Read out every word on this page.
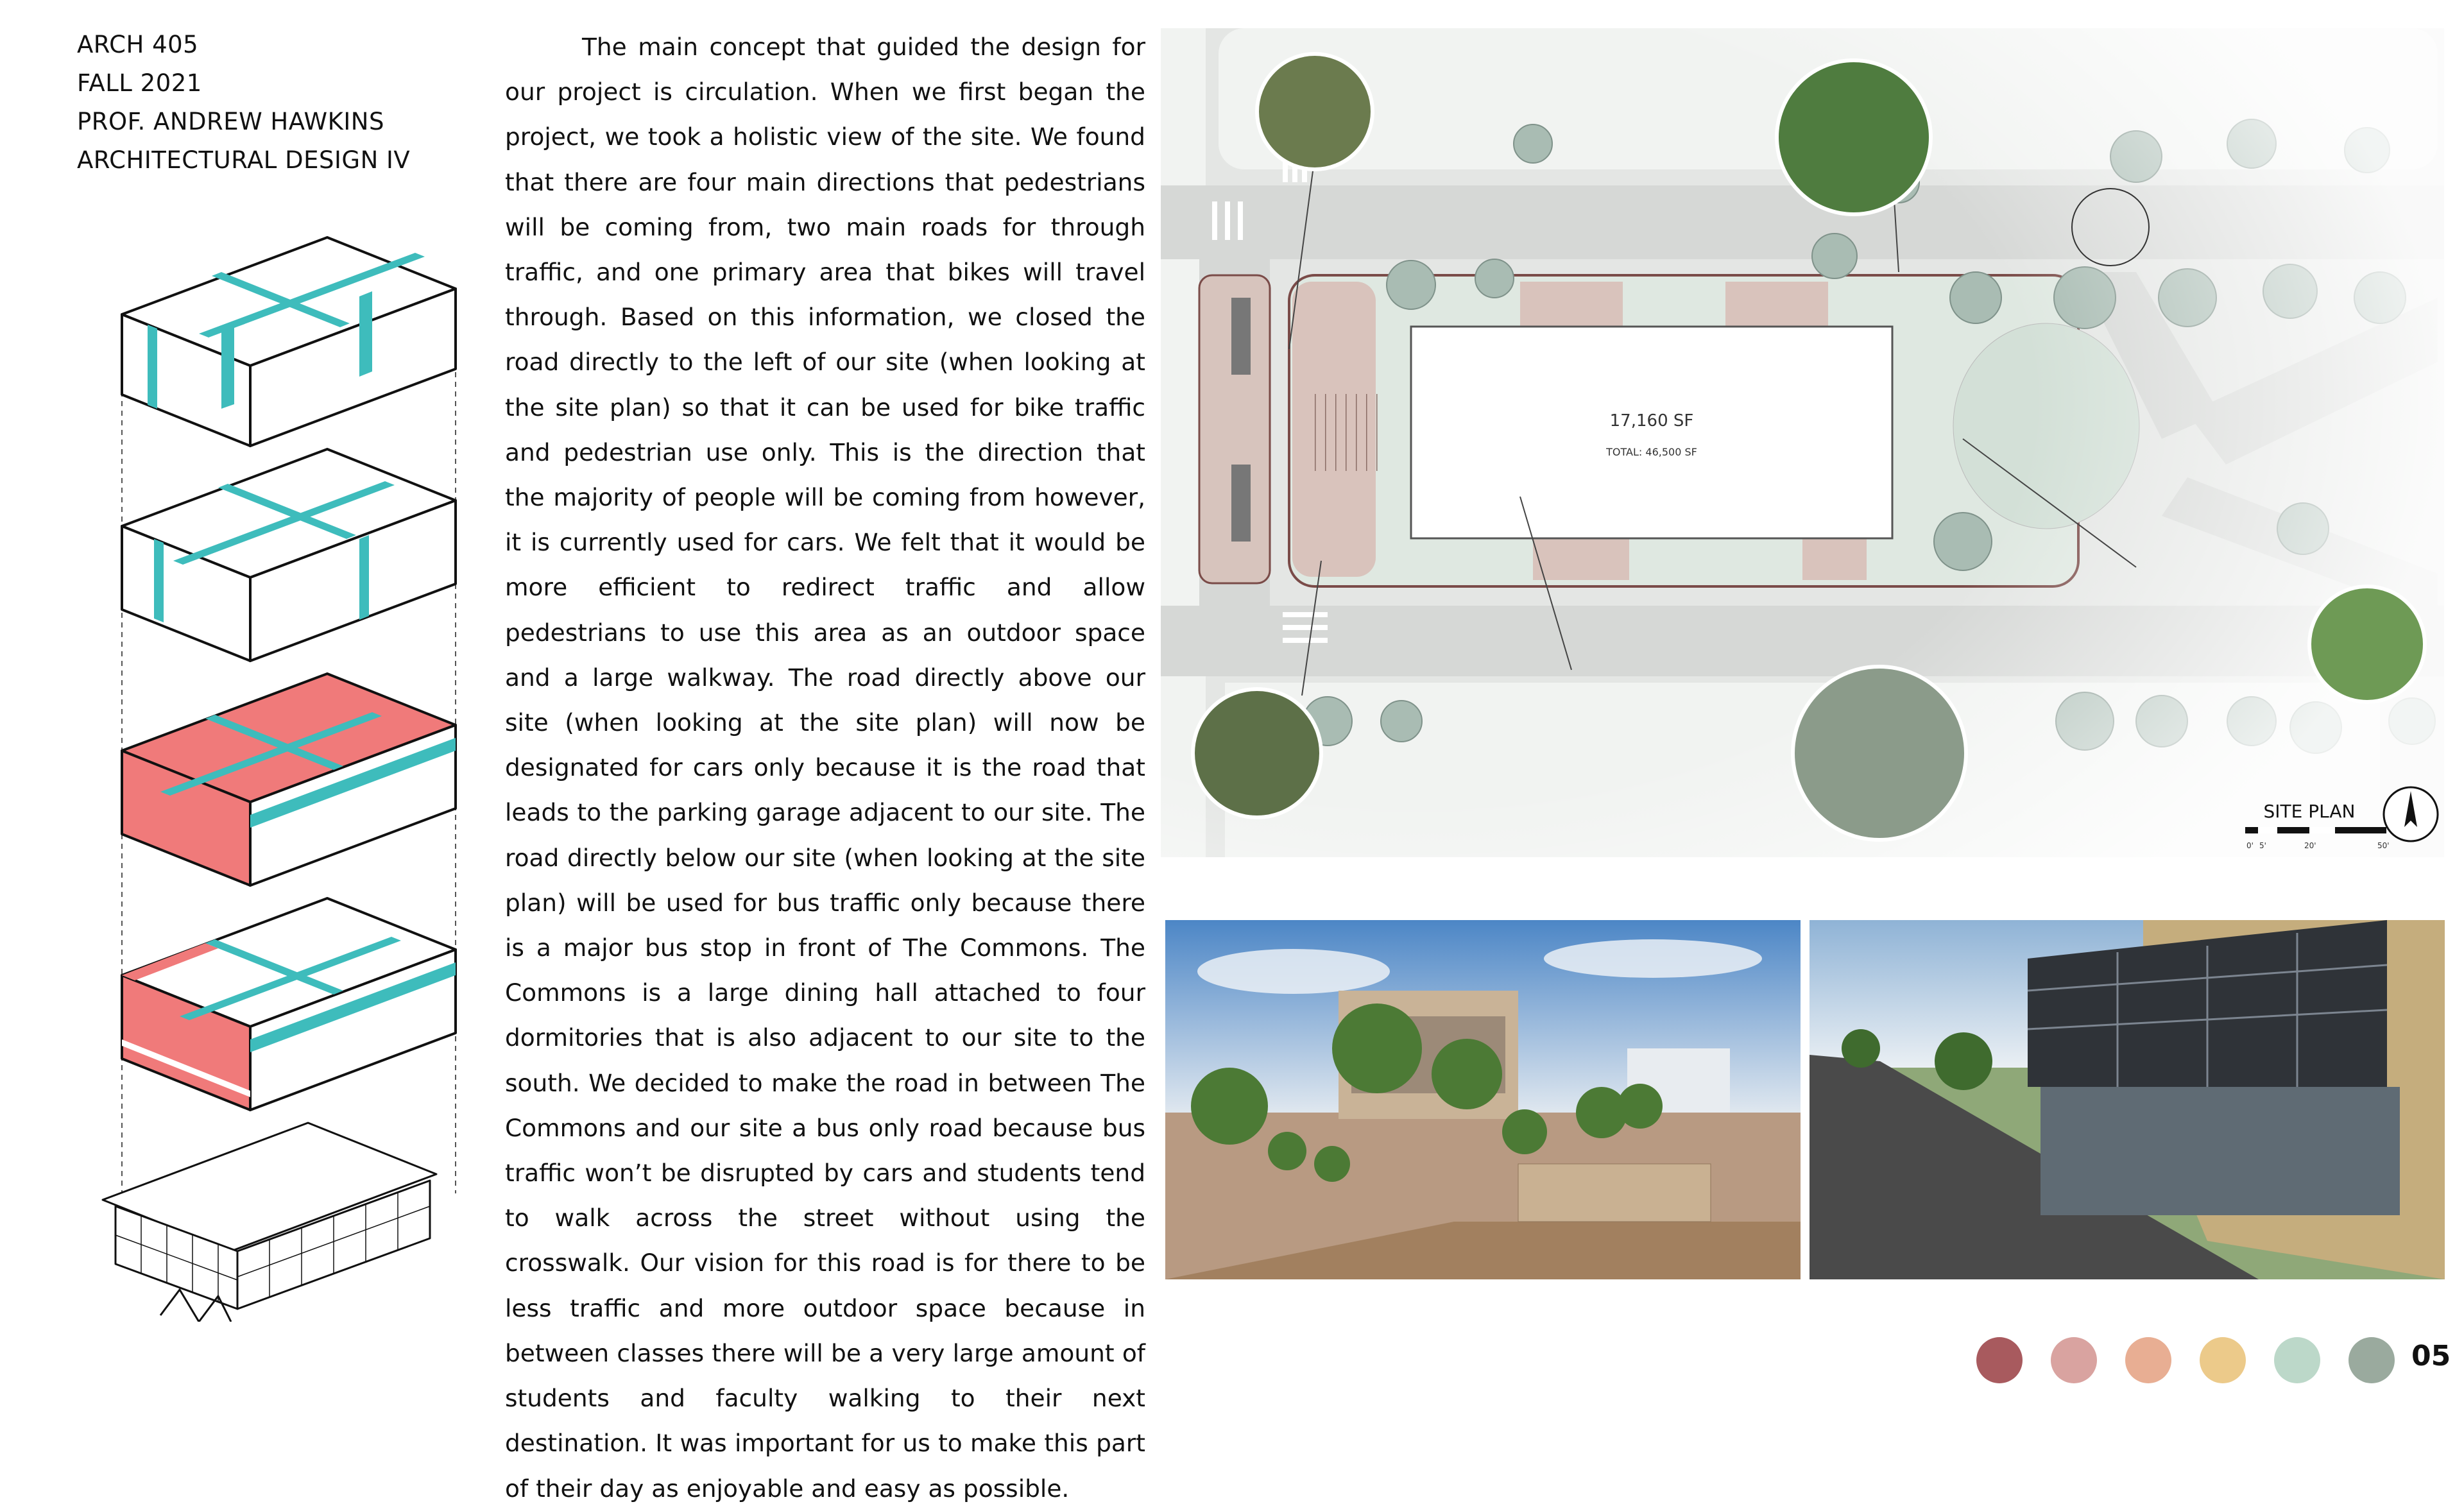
ARCH 405
FALL 2021
PROF. ANDREW HAWKINS
ARCHITECTURAL DESIGN IV

The main concept that guided the design for our project is circulation. When we first began the project, we took a holistic view of the site. We found that there are four main directions that pedestrians will be coming from, two main roads for through traffic, and one primary area that bikes will travel through. Based on this information, we closed the road directly to the left of our site (when looking at the site plan) so that it can be used for bike traffic and pedestrian use only. This is the direction that the majority of people will be coming from however, it is currently used for cars. We felt that it would be more efficient to redirect traffic and allow pedestrians to use this area as an outdoor space and a large walkway. The road directly above our site (when looking at the site plan) will now be designated for cars only because it is the road that leads to the parking garage adjacent to our site. The road directly below our site (when looking at the site plan) will be used for bus traffic only because there is a major bus stop in front of The Commons. The Commons is a large dining hall attached to four dormitories that is also adjacent to our site to the south. We decided to make the road in between The Commons and our site a bus only road because bus traffic won’t be disrupted by cars and students tend to walk across the street without using the crosswalk. Our vision for this road is for there to be less traffic and more outdoor space because in between classes there will be a very large amount of students and faculty walking to their next destination. It was important for us to make this part of their day as enjoyable and easy as possible.

SITE PLAN
0' 5'	20'	50'
05
